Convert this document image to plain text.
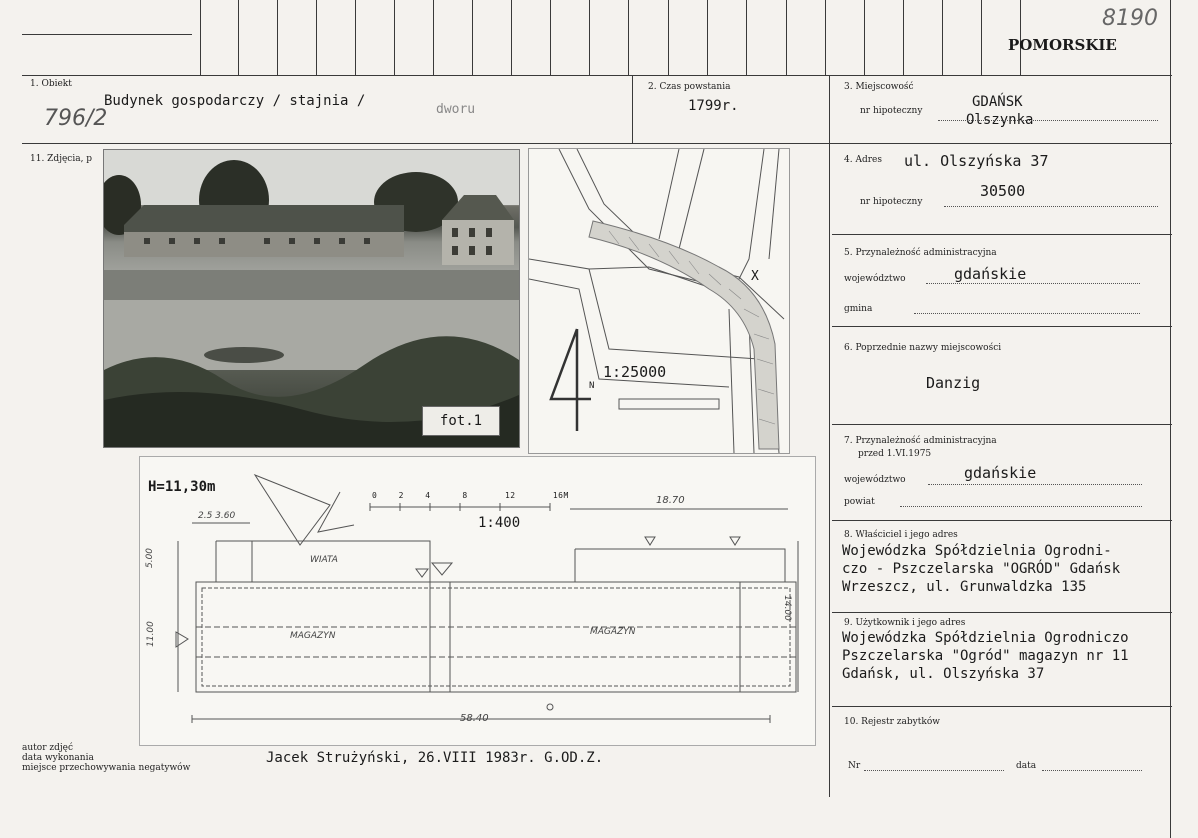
POMORSKIE
8190
1. Obiekt
796/2
Budynek gospodarczy / stajnia /
dworu
2. Czas powstania
1799r.
3. Miejscowość
nr hipoteczny
GDAŃSK
Olszynka
11. Zdjęcia, p
fot.1
1:25000
X
N
H=11,30m
1:400
0	2	4	8	12	16M	18.70
2.5 3.60
58.40
5.00
11.00
14.00
WIATA
MAGAZYN	MAGAZYN
4. Adres ul. Olszyńska 37
nr hipoteczny
30500
5. Przynależność administracyjna
województwo	gdańskie
gmina
6. Poprzednie nazwy miejscowości
Danzig
7. Przynależność administracyjna
przed 1.VI.1975
województwo	gdańskie
powiat
8. Właściciel i jego adres
Wojewódzka Spółdzielnia Ogrodni-
czo - Pszczelarska "OGRÓD" Gdańsk
Wrzeszcz, ul. Grunwaldzka 135
9. Użytkownik i jego adres
Wojewódzka Spółdzielnia Ogrodniczo
Pszczelarska "Ogród" magazyn nr 11
Gdańsk, ul. Olszyńska 37
10. Rejestr zabytków
Nr	data
autor zdjęć
data wykonania
miejsce przechowywania negatywów
Jacek Strużyński, 26.VIII 1983r. G.OD.Z.
